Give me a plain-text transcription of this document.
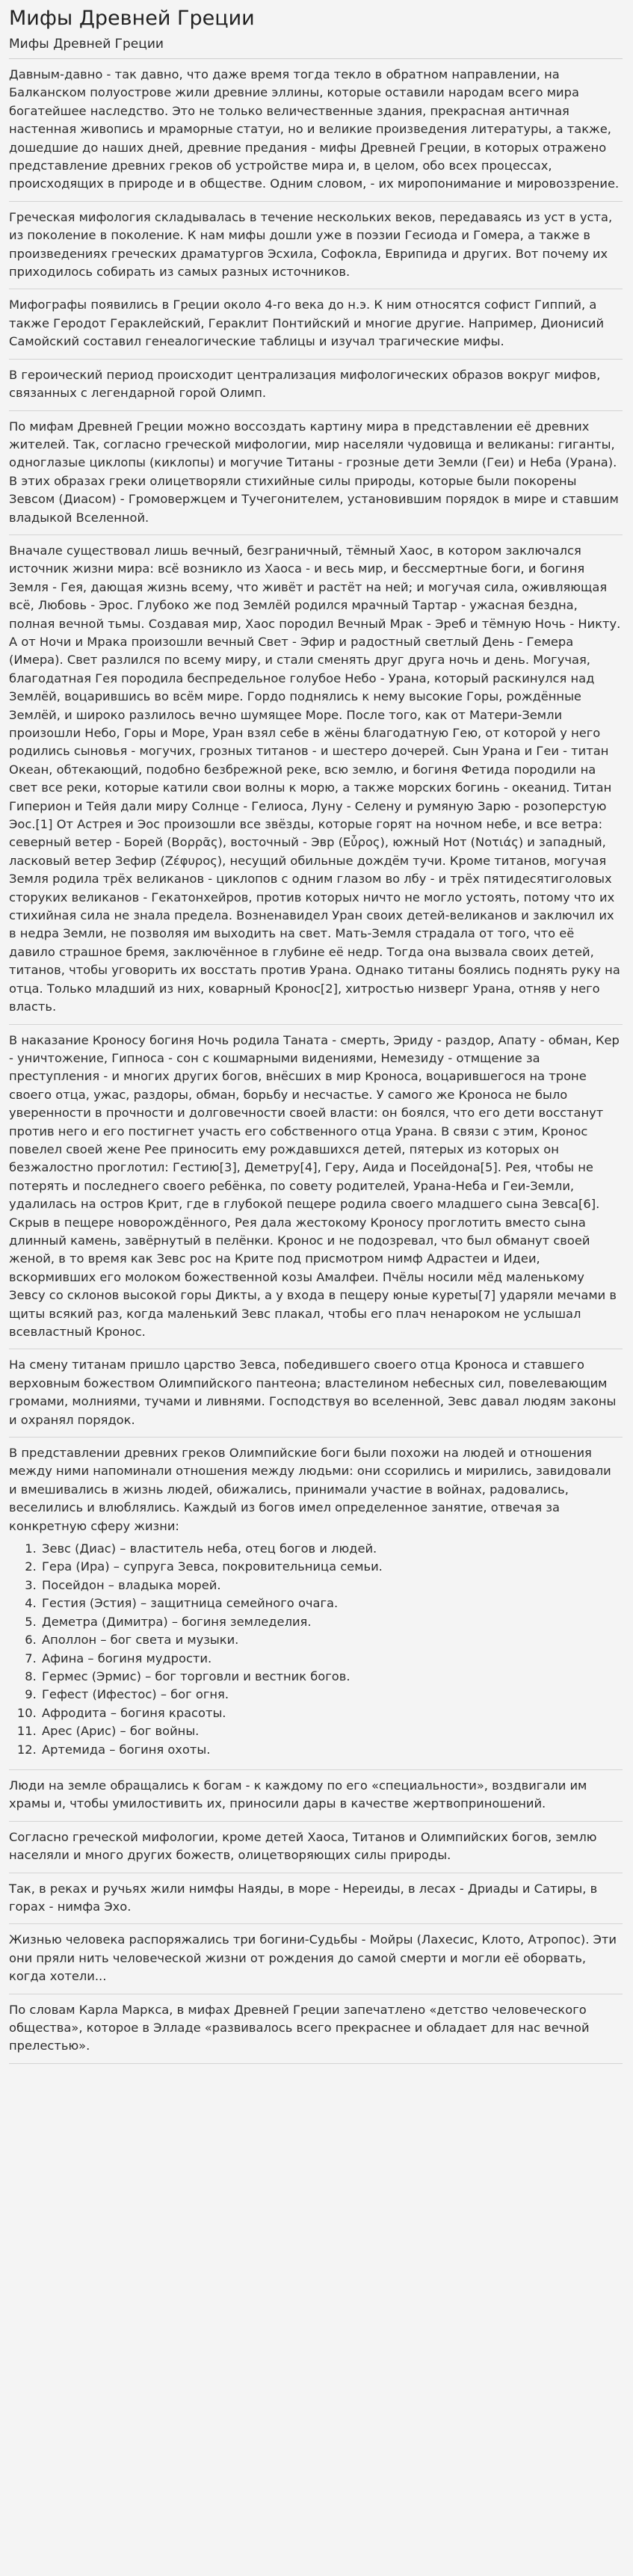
Мифы Древней Греции
Мифы Древней Греции

Давным-давно - так давно, что даже время тогда текло в обратном направлении, на Балканском полуострове жили древние эллины, которые оставили народам всего мира богатейшее наследство. Это не только величественные здания, прекрасная античная настенная живопись и мраморные статуи, но и великие произведения литературы, а также, дошедшие до наших дней, древние предания - мифы Древней Греции, в которых отражено представление древних греков об устройстве мира и, в целом, обо всех процессах, происходящих в природе и в обществе. Одним словом, - их миропонимание и мировоззрение.

Греческая мифология складывалась в течение нескольких веков, передаваясь из уст в уста, из поколение в поколение. К нам мифы дошли уже в поэзии Гесиода и Гомера, а также в произведениях греческих драматургов Эсхила, Софокла, Еврипида и других. Вот почему их приходилось собирать из самых разных источников.

Мифографы появились в Греции около 4-го века до н.э. К ним относятся софист Гиппий, а также Геродот Гераклейский, Гераклит Понтийский и многие другие. Например, Дионисий Самойский составил генеалогические таблицы и изучал трагические мифы.

В героический период происходит централизация мифологических образов вокруг мифов, связанных с легендарной горой Олимп.

По мифам Древней Греции можно воссоздать картину мира в представлении её древних жителей. Так, согласно греческой мифологии, мир населяли чудовища и великаны: гиганты, одноглазые циклопы (киклопы) и могучие Титаны - грозные дети Земли (Геи) и Неба (Урана). В этих образах греки олицетворяли стихийные силы природы, которые были покорены Зевсом (Диасом) - Громовержцем и Тучегонителем, установившим порядок в мире и ставшим владыкой Вселенной.

Вначале существовал лишь вечный, безграничный, тёмный Хаос, в котором заключался источник жизни мира: всё возникло из Хаоса - и весь мир, и бессмертные боги, и богиня Земля - Гея, дающая жизнь всему, что живёт и растёт на ней; и могучая сила, оживляющая всё, Любовь - Эрос. Глубоко же под Землёй родился мрачный Тартар - ужасная бездна, полная вечной тьмы. Создавая мир, Хаос породил Вечный Мрак - Эреб и тёмную Ночь - Никту. А от Ночи и Мрака произошли вечный Свет - Эфир и радостный светлый День - Гемера (Имера). Свет разлился по всему миру, и стали сменять друг друга ночь и день. Могучая, благодатная Гея породила беспредельное голубое Небо - Урана, который раскинулся над Землёй, воцарившись во всём мире. Гордо поднялись к нему высокие Горы, рождённые Землёй, и широко разлилось вечно шумящее Море. После того, как от Матери-Земли произошли Небо, Горы и Море, Уран взял себе в жёны благодатную Гею, от которой у него родились сыновья - могучих, грозных титанов - и шестеро дочерей. Сын Урана и Геи - титан Океан, обтекающий, подобно безбрежной реке, всю землю, и богиня Фетида породили на свет все реки, которые катили свои волны к морю, а также морских богинь - океанид. Титан Гиперион и Тейя дали миру Солнце - Гелиоса, Луну - Селену и румяную Зарю - розоперстую Эос.[1] От Астрея и Эос произошли все звёзды, которые горят на ночном небе, и все ветра: северный ветер - Борей (Βορρᾶς), восточный - Эвр (Εὖρος), южный Нот (Νοτιάς) и западный, ласковый ветер Зефир (Ζέφυρος), несущий обильные дождём тучи. Кроме титанов, могучая Земля родила трёх великанов - циклопов с одним глазом во лбу - и трёх пятидесятиголовых сторуких великанов - Гекатонхейров, против которых ничто не могло устоять, потому что их стихийная сила не знала предела. Возненавидел Уран своих детей-великанов и заключил их в недра Земли, не позволяя им выходить на свет. Мать-Земля страдала от того, что её давило страшное бремя, заключённое в глубине её недр. Тогда она вызвала своих детей, титанов, чтобы уговорить их восстать против Урана. Однако титаны боялись поднять руку на отца. Только младший из них, коварный Кронос[2], хитростью низверг Урана, отняв у него власть.

В наказание Кроносу богиня Ночь родила Таната - смерть, Эриду - раздор, Апату - обман, Кер - уничтожение, Гипноса - сон с кошмарными видениями, Немезиду - отмщение за преступления - и многих других богов, внёсших в мир Кроноса, воцарившегося на троне своего отца, ужас, раздоры, обман, борьбу и несчастье. У самого же Кроноса не было уверенности в прочности и долговечности своей власти: он боялся, что его дети восстанут против него и его постигнет участь его собственного отца Урана. В связи с этим, Кронос повелел своей жене Рее приносить ему рождавшихся детей, пятерых из которых он безжалостно проглотил: Гестию[3], Деметру[4], Геру, Аида и Посейдона[5]. Рея, чтобы не потерять и последнего своего ребёнка, по совету родителей, Урана-Неба и Геи-Земли, удалилась на остров Крит, где в глубокой пещере родила своего младшего сына Зевса[6]. Скрыв в пещере новорождённого, Рея дала жестокому Кроносу проглотить вместо сына длинный камень, завёрнутый в пелёнки. Кронос и не подозревал, что был обманут своей женой, в то время как Зевс рос на Крите под присмотром нимф Адрастеи и Идеи, вскормивших его молоком божественной козы Амалфеи. Пчёлы носили мёд маленькому Зевсу со склонов высокой горы Дикты, а у входа в пещеру юные куреты[7] ударяли мечами в щиты всякий раз, когда маленький Зевс плакал, чтобы его плач ненароком не услышал всевластный Кронос.

На смену титанам пришло царство Зевса, победившего своего отца Кроноса и ставшего верховным божеством Олимпийского пантеона; властелином небесных сил, повелевающим громами, молниями, тучами и ливнями. Господствуя во вселенной, Зевс давал людям законы и охранял порядок.

В представлении древних греков Олимпийские боги были похожи на людей и отношения между ними напоминали отношения между людьми: они ссорились и мирились, завидовали и вмешивались в жизнь людей, обижались, принимали участие в войнах, радовались, веселились и влюблялись. Каждый из богов имел определенное занятие, отвечая за конкретную сферу жизни:

1. Зевс (Диас) – властитель неба, отец богов и людей.
2. Гера (Ира) – супруга Зевса, покровительница семьи.
3. Посейдон – владыка морей.
4. Гестия (Эстия) – защитница семейного очага.
5. Деметра (Димитра) – богиня земледелия.
6. Аполлон – бог света и музыки.
7. Афина – богиня мудрости.
8. Гермес (Эрмис) – бог торговли и вестник богов.
9. Гефест (Ифестос) – бог огня.
10. Афродита – богиня красоты.
11. Арес (Арис) – бог войны.
12. Артемида – богиня охоты.

Люди на земле обращались к богам - к каждому по его «специальности», воздвигали им храмы и, чтобы умилостивить их, приносили дары в качестве жертвоприношений.

Согласно греческой мифологии, кроме детей Хаоса, Титанов и Олимпийских богов, землю населяли и много других божеств, олицетворяющих силы природы.

Так, в реках и ручьях жили нимфы Наяды, в море - Нереиды, в лесах - Дриады и Сатиры, в горах - нимфа Эхо.

Жизнью человека распоряжались три богини-Судьбы - Мойры (Лахесис, Клото, Атропос). Эти они пряли нить человеческой жизни от рождения до самой смерти и могли её оборвать, когда хотели...

По словам Карла Маркса, в мифах Древней Греции запечатлено «детство человеческого общества», которое в Элладе «развивалось всего прекраснее и обладает для нас вечной прелестью».
